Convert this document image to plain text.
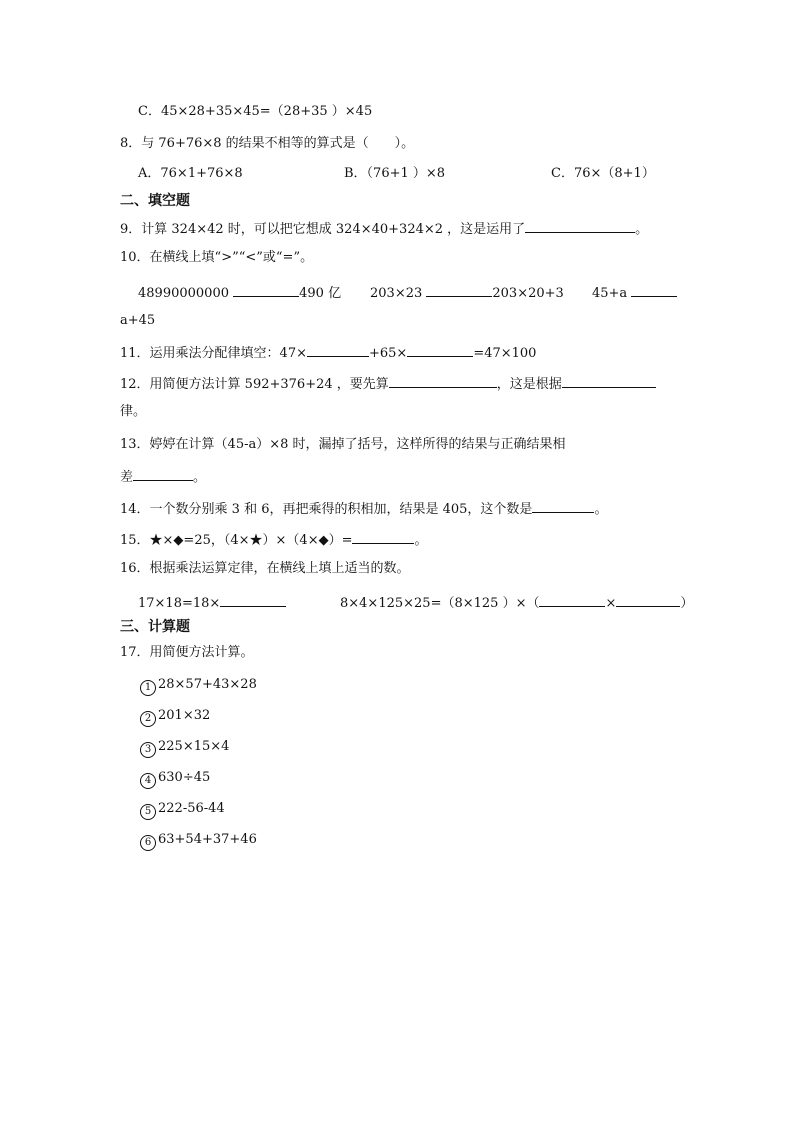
C．45×28+35×45=（28+35 ）×45
8．与 76+76×8 的结果不相等的算式是（　　）。
A．76×1+76×8	B．（76+1 ）×8	C．76×（8+1）
二、填空题
9．计算 324×42 时，可以把它想成 324×40+324×2 ，这是运用了	。
10．在横线上填“>”“<”或“=”。
48990000000	490 亿 203×23	203×20+3 45+a
a+45
11．运用乘法分配律填空：47×	+65×	=47×100
12．用简便方法计算 592+376+24 ，要先算	，这是根据
律。
13．婷婷在计算（45-a）×8 时，漏掉了括号，这样所得的结果与正确结果相
差	。
14．一个数分别乘 3 和 6，再把乘得的积相加，结果是 405，这个数是	。
15．★×◆=25，（4×★）×（4×◆）=	。
16．根据乘法运算定律，在横线上填上适当的数。
17×18=18×	8×4×125×25=（8×125 ）×（	×	）
三、计算题
17．用简便方法计算。
1 28×57+43×28
2 201×32
3 225×15×4
4 630÷45
5 222-56-44
6 63+54+37+46
